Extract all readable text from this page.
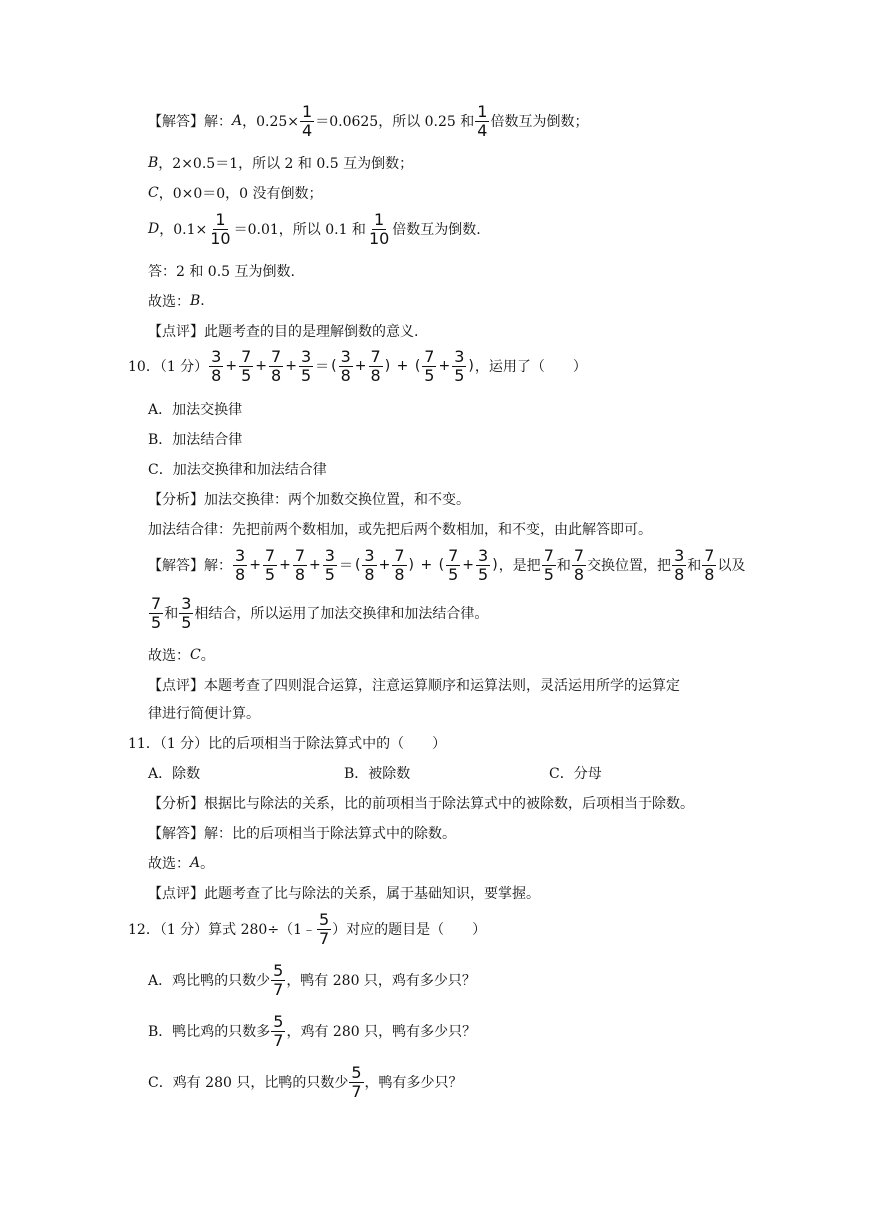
【解答】解： A ，$0.25\times \frac{1}{4} =0.0625$，所以 0.25 和 $\frac{1}{4}$ 倍数互为倒数；
B ，2×0.5＝1，所以 2 和 0.5 互为倒数；
C ，0×0＝0，0 没有倒数；
D ，$0.1\times \frac{1}{10} =0.01$，所以 0.1 和 $\frac{1}{10}$ 倍数互为倒数.
答：2 和 0.5 互为倒数.
故选： B .
【点评】此题考查的目的是理解倒数的意义.
10．（1 分） $\frac{3}{8} + \frac{7}{5} + \frac{7}{8} + \frac{3}{5}$ ＝ ( $\frac{3}{8} + \frac{7}{8}$ ) + ( $\frac{7}{5} + \frac{3}{5}$ ) ，运用了（　　）
A．加法交换律
B．加法结合律
C．加法交换律和加法结合律
【分析】加法交换律：两个加数交换位置，和不变。
加法结合律：先把前两个数相加，或先把后两个数相加，和不变，由此解答即可。
【解答】解： $\frac{3}{8} + \frac{7}{5} + \frac{7}{8} + \frac{3}{5}$ ＝ ( $\frac{3}{8} + \frac{7}{8}$ ) + ( $\frac{7}{5} + \frac{3}{5}$ ) ，是把 $\frac{7}{5}$ 和 $\frac{7}{8}$ 交换位置，把 $\frac{3}{8}$ 和 $\frac{7}{8}$ 以及
$\frac{7}{5}$ 和 $\frac{3}{5}$ 相结合，所以运用了加法交换律和加法结合律。
故选： C 。
【点评】本题考查了四则混合运算，注意运算顺序和运算法则，灵活运用所学的运算定
律进行简便计算。
11．（1 分）比的后项相当于除法算式中的（　　）
A．除数	B．被除数	C．分母
【分析】根据比与除法的关系，比的前项相当于除法算式中的被除数，后项相当于除数。
【解答】解：比的后项相当于除法算式中的除数。
故选： A 。
【点评】此题考查了比与除法的关系，属于基础知识，要掌握。
12．（1 分）算式 280÷（1﹣ $\frac{5}{7}$ ）对应的题目是（　　）
A．鸡比鸭的只数少 $\frac{5}{7}$ ，鸭有 280 只，鸡有多少只？
B．鸭比鸡的只数多 $\frac{5}{7}$ ，鸡有 280 只，鸭有多少只？
C．鸡有 280 只，比鸭的只数少 $\frac{5}{7}$ ，鸭有多少只？
